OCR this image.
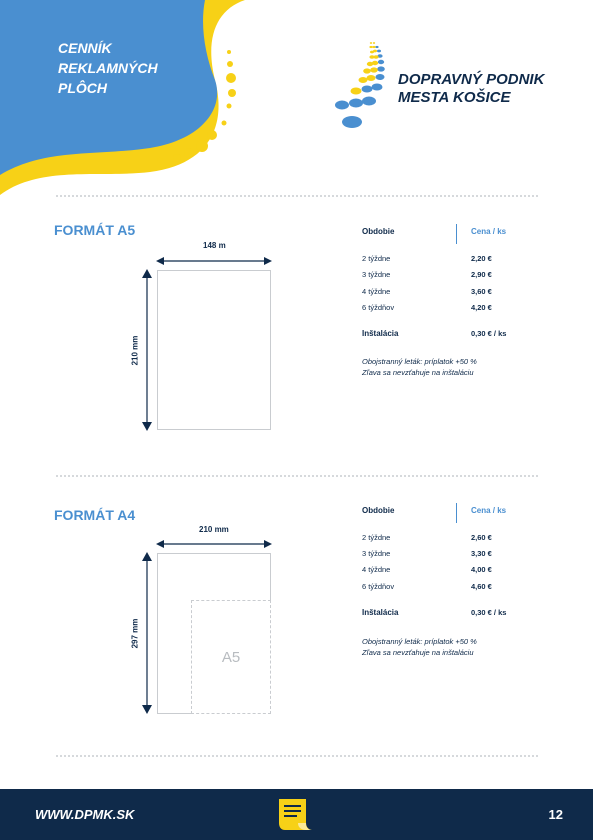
CENNÍK
REKLAMNÝCH
PLÔCH	DOPRAVNÝ PODNIK
MESTA KOŠICE
FORMÁT A5
148 m
210 mm
Obdobie	Cena / ks
2 týždne	2,20 €
3 týždne	2,90 €
4 týždne	3,60 €
6 týždňov	4,20 €
Inštalácia	0,30 € / ks
Obojstranný leták: príplatok +50 %
Zľava sa nevzťahuje na inštaláciu
FORMÁT A4
210 mm
297 mm
A5
Obdobie	Cena / ks
2 týždne	2,60 €
3 týždne	3,30 €
4 týždne	4,00 €
6 týždňov	4,60 €
Inštalácia	0,30 € / ks
Obojstranný leták: príplatok +50 %
Zľava sa nevzťahuje na inštaláciu
WWW.DPMK.SK	12
